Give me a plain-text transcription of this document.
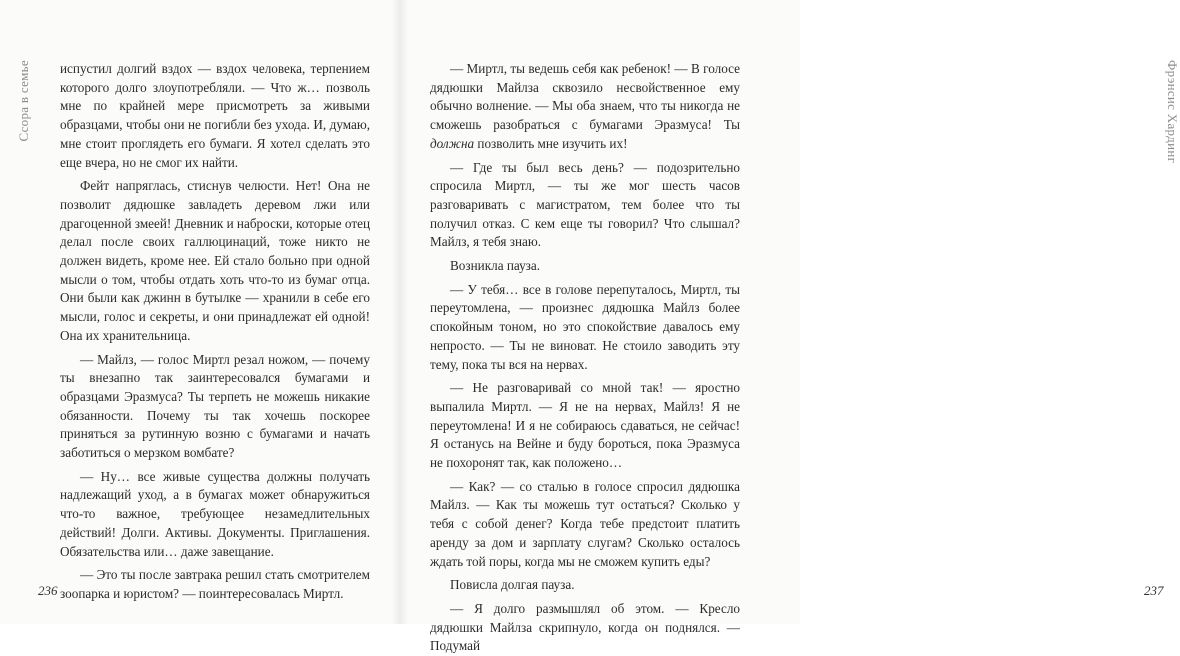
Ссора в семье
236
Фрэнсис Хардинг
237

испустил долгий вздох — вздох человека, терпением которого долго злоупотребляли. — Что ж… позволь мне по крайней мере присмотреть за живыми образцами, чтобы они не погибли без ухода. И, думаю, мне стоит проглядеть его бумаги. Я хотел сделать это еще вчера, но не смог их найти.

Фейт напряглась, стиснув челюсти. Нет! Она не позволит дядюшке завладеть деревом лжи или драгоценной змеей! Дневник и наброски, которые отец делал после своих галлюцинаций, тоже никто не должен видеть, кроме нее. Ей стало больно при одной мысли о том, чтобы отдать хоть что-то из бумаг отца. Они были как джинн в бутылке — хранили в себе его мысли, голос и секреты, и они принадлежат ей одной! Она их хранительница.

— Майлз, — голос Миртл резал ножом, — почему ты внезапно так заинтересовался бумагами и образцами Эразмуса? Ты терпеть не можешь никакие обязанности. Почему ты так хочешь поскорее приняться за рутинную возню с бумагами и начать заботиться о мерзком вомбате?

— Ну… все живые существа должны получать надлежащий уход, а в бумагах может обнаружиться что-то важное, требующее незамедлительных действий! Долги. Активы. Документы. Приглашения. Обязательства или… даже завещание.

— Это ты после завтрака решил стать смотрителем зоопарка и юристом? — поинтересовалась Миртл.

— Миртл, ты ведешь себя как ребенок! — В голосе дядюшки Майлза сквозило несвойственное ему обычно волнение. — Мы оба знаем, что ты никогда не сможешь разобраться с бумагами Эразмуса! Ты должна позволить мне изучить их!

— Где ты был весь день? — подозрительно спросила Миртл, — ты же мог шесть часов разговаривать с магистратом, тем более что ты получил отказ. С кем еще ты говорил? Что слышал? Майлз, я тебя знаю.

Возникла пауза.

— У тебя… все в голове перепуталось, Миртл, ты переутомлена, — произнес дядюшка Майлз более спокойным тоном, но это спокойствие давалось ему непросто. — Ты не виноват. Не стоило заводить эту тему, пока ты вся на нервах.

— Не разговаривай со мной так! — яростно выпалила Миртл. — Я не на нервах, Майлз! Я не переутомлена! И я не собираюсь сдаваться, не сейчас! Я останусь на Вейне и буду бороться, пока Эразмуса не похоронят так, как положено…

— Как? — со сталью в голосе спросил дядюшка Майлз. — Как ты можешь тут остаться? Сколько у тебя с собой денег? Когда тебе предстоит платить аренду за дом и зарплату слугам? Сколько осталось ждать той поры, когда мы не сможем купить еды?

Повисла долгая пауза.

— Я долго размышлял об этом. — Кресло дядюшки Майлза скрипнуло, когда он поднялся. — Подумай
